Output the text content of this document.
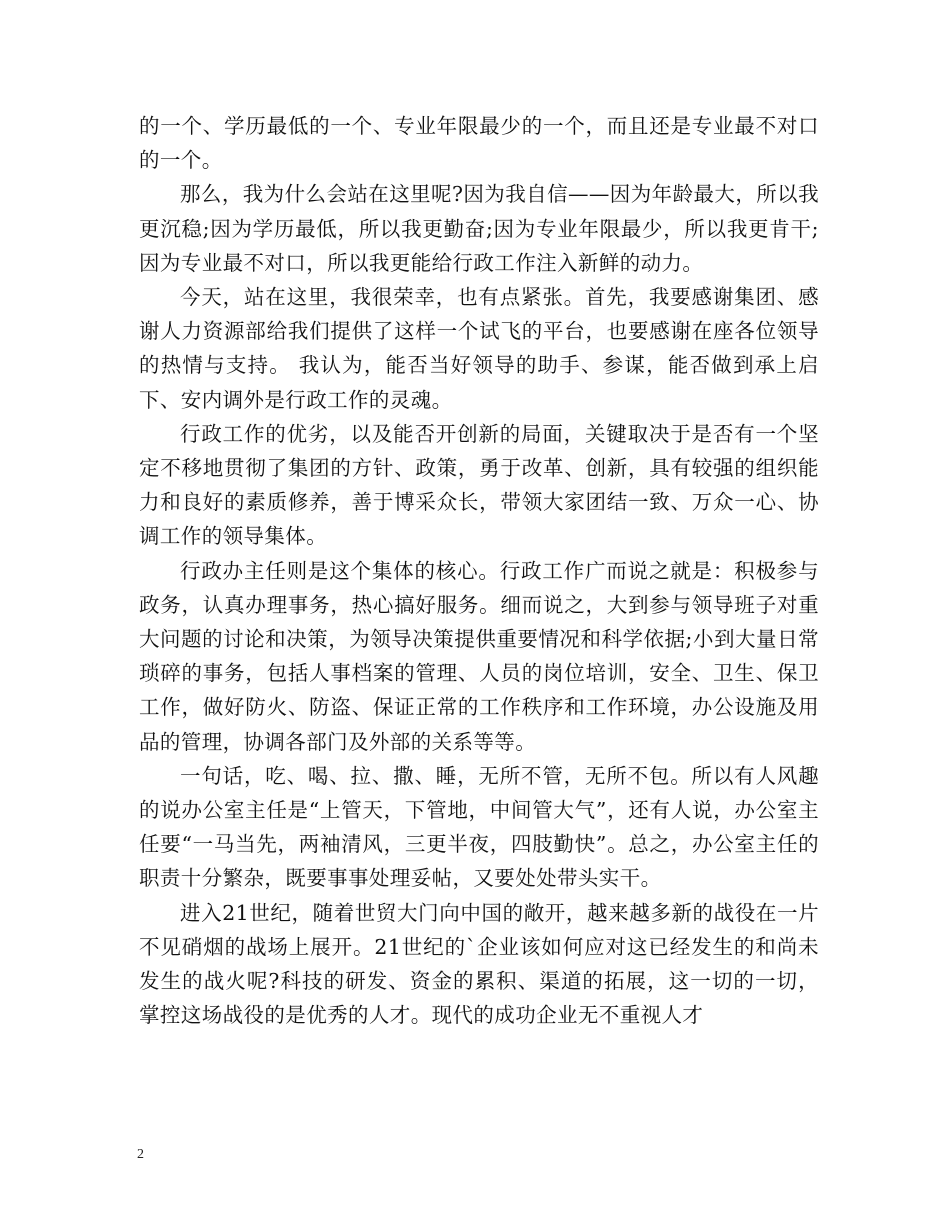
的一个、学历最低的一个、专业年限最少的一个，而且还是专业最不对口的一个。

那么，我为什么会站在这里呢?因为我自信——因为年龄最大，所以我更沉稳;因为学历最低，所以我更勤奋;因为专业年限最少，所以我更肯干;因为专业最不对口，所以我更能给行政工作注入新鲜的动力。

今天，站在这里，我很荣幸，也有点紧张。首先，我要感谢集团、感谢人力资源部给我们提供了这样一个试飞的平台，也要感谢在座各位领导的热情与支持。 我认为，能否当好领导的助手、参谋，能否做到承上启下、安内调外是行政工作的灵魂。

行政工作的优劣，以及能否开创新的局面，关键取决于是否有一个坚定不移地贯彻了集团的方针、政策，勇于改革、创新，具有较强的组织能力和良好的素质修养，善于博采众长，带领大家团结一致、万众一心、协调工作的领导集体。

行政办主任则是这个集体的核心。行政工作广而说之就是：积极参与政务，认真办理事务，热心搞好服务。细而说之，大到参与领导班子对重大问题的讨论和决策，为领导决策提供重要情况和科学依据;小到大量日常琐碎的事务，包括人事档案的管理、人员的岗位培训，安全、卫生、保卫工作，做好防火、防盗、保证正常的工作秩序和工作环境，办公设施及用品的管理，协调各部门及外部的关系等等。

一句话，吃、喝、拉、撒、睡，无所不管，无所不包。所以有人风趣的说办公室主任是“上管天，下管地，中间管大气”，还有人说，办公室主任要“一马当先，两袖清风，三更半夜，四肢勤快”。总之，办公室主任的职责十分繁杂，既要事事处理妥帖，又要处处带头实干。

进入21世纪，随着世贸大门向中国的敞开，越来越多新的战役在一片不见硝烟的战场上展开。21世纪的`企业该如何应对这已经发生的和尚未发生的战火呢?科技的研发、资金的累积、渠道的拓展，这一切的一切，掌控这场战役的是优秀的人才。现代的成功企业无不重视人才

2
